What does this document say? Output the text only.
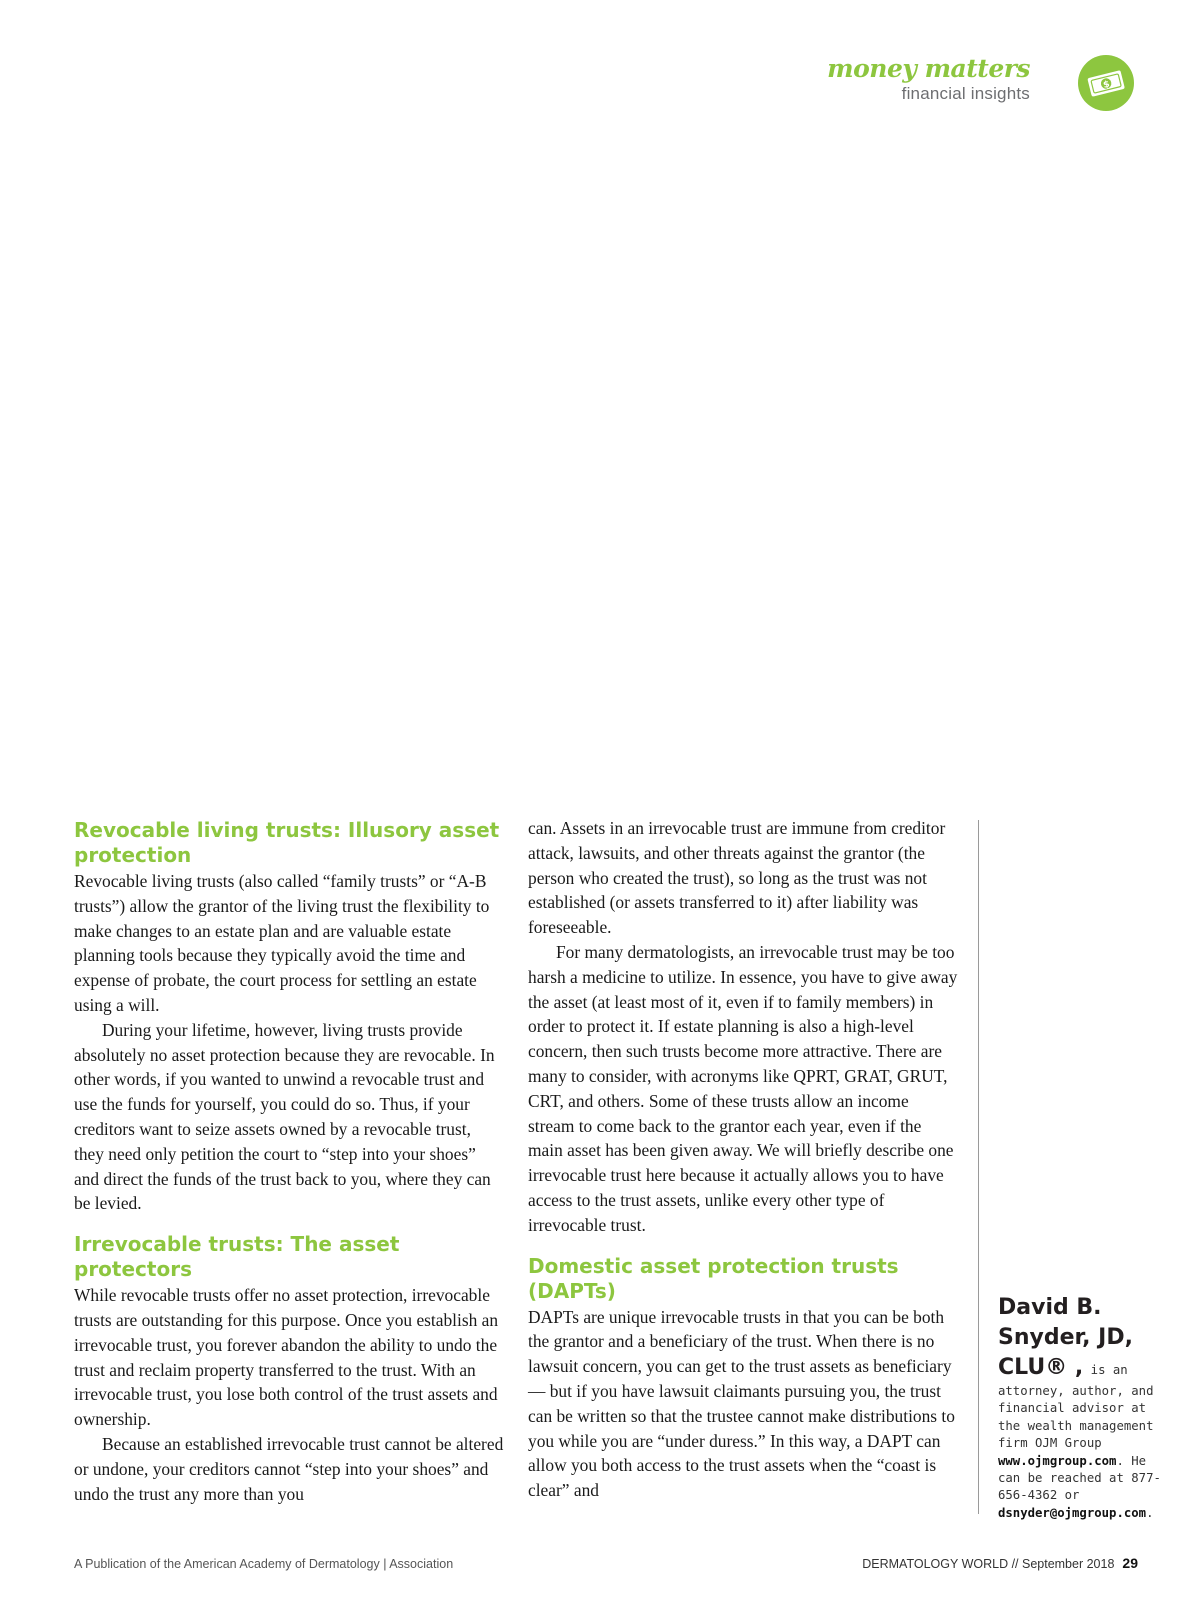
money matters
financial insights	$
Revocable living trusts: Illusory asset protection

Revocable living trusts (also called “family trusts” or “A-B trusts”) allow the grantor of the living trust the flexibility to make changes to an estate plan and are valuable estate planning tools because they typically avoid the time and expense of probate, the court process for settling an estate using a will.

During your lifetime, however, living trusts provide absolutely no asset protection because they are revocable. In other words, if you wanted to unwind a revocable trust and use the funds for yourself, you could do so. Thus, if your creditors want to seize assets owned by a revocable trust, they need only petition the court to “step into your shoes” and direct the funds of the trust back to you, where they can be levied.

Irrevocable trusts: The asset protectors

While revocable trusts offer no asset protection, irrevocable trusts are outstanding for this purpose. Once you establish an irrevocable trust, you forever abandon the ability to undo the trust and reclaim property transferred to the trust. With an irrevocable trust, you lose both control of the trust assets and ownership.

Because an established irrevocable trust cannot be altered or undone, your creditors cannot “step into your shoes” and undo the trust any more than you

can. Assets in an irrevocable trust are immune from creditor attack, lawsuits, and other threats against the grantor (the person who created the trust), so long as the trust was not established (or assets transferred to it) after liability was foreseeable.

For many dermatologists, an irrevocable trust may be too harsh a medicine to utilize. In essence, you have to give away the asset (at least most of it, even if to family members) in order to protect it. If estate planning is also a high-level concern, then such trusts become more attractive. There are many to consider, with acronyms like QPRT, GRAT, GRUT, CRT, and others. Some of these trusts allow an income stream to come back to the grantor each year, even if the main asset has been given away. We will briefly describe one irrevocable trust here because it actually allows you to have access to the trust assets, unlike every other type of irrevocable trust.

Domestic asset protection trusts (DAPTs)

DAPTs are unique irrevocable trusts in that you can be both the grantor and a beneficiary of the trust. When there is no lawsuit concern, you can get to the trust assets as beneficiary — but if you have lawsuit claimants pursuing you, the trust can be written so that the trustee cannot make distributions to you while you are “under duress.” In this way, a DAPT can allow you both access to the trust assets when the “coast is clear” and

David B. Snyder, JD, CLU® , is an attorney, author, and financial advisor at the wealth management firm OJM Group www.ojmgroup.com. He can be reached at 877-656-4362 or dsnyder@ojmgroup.com.
A Publication of the American Academy of Dermatology | Association	DERMATOLOGY WORLD // September 2018 29
